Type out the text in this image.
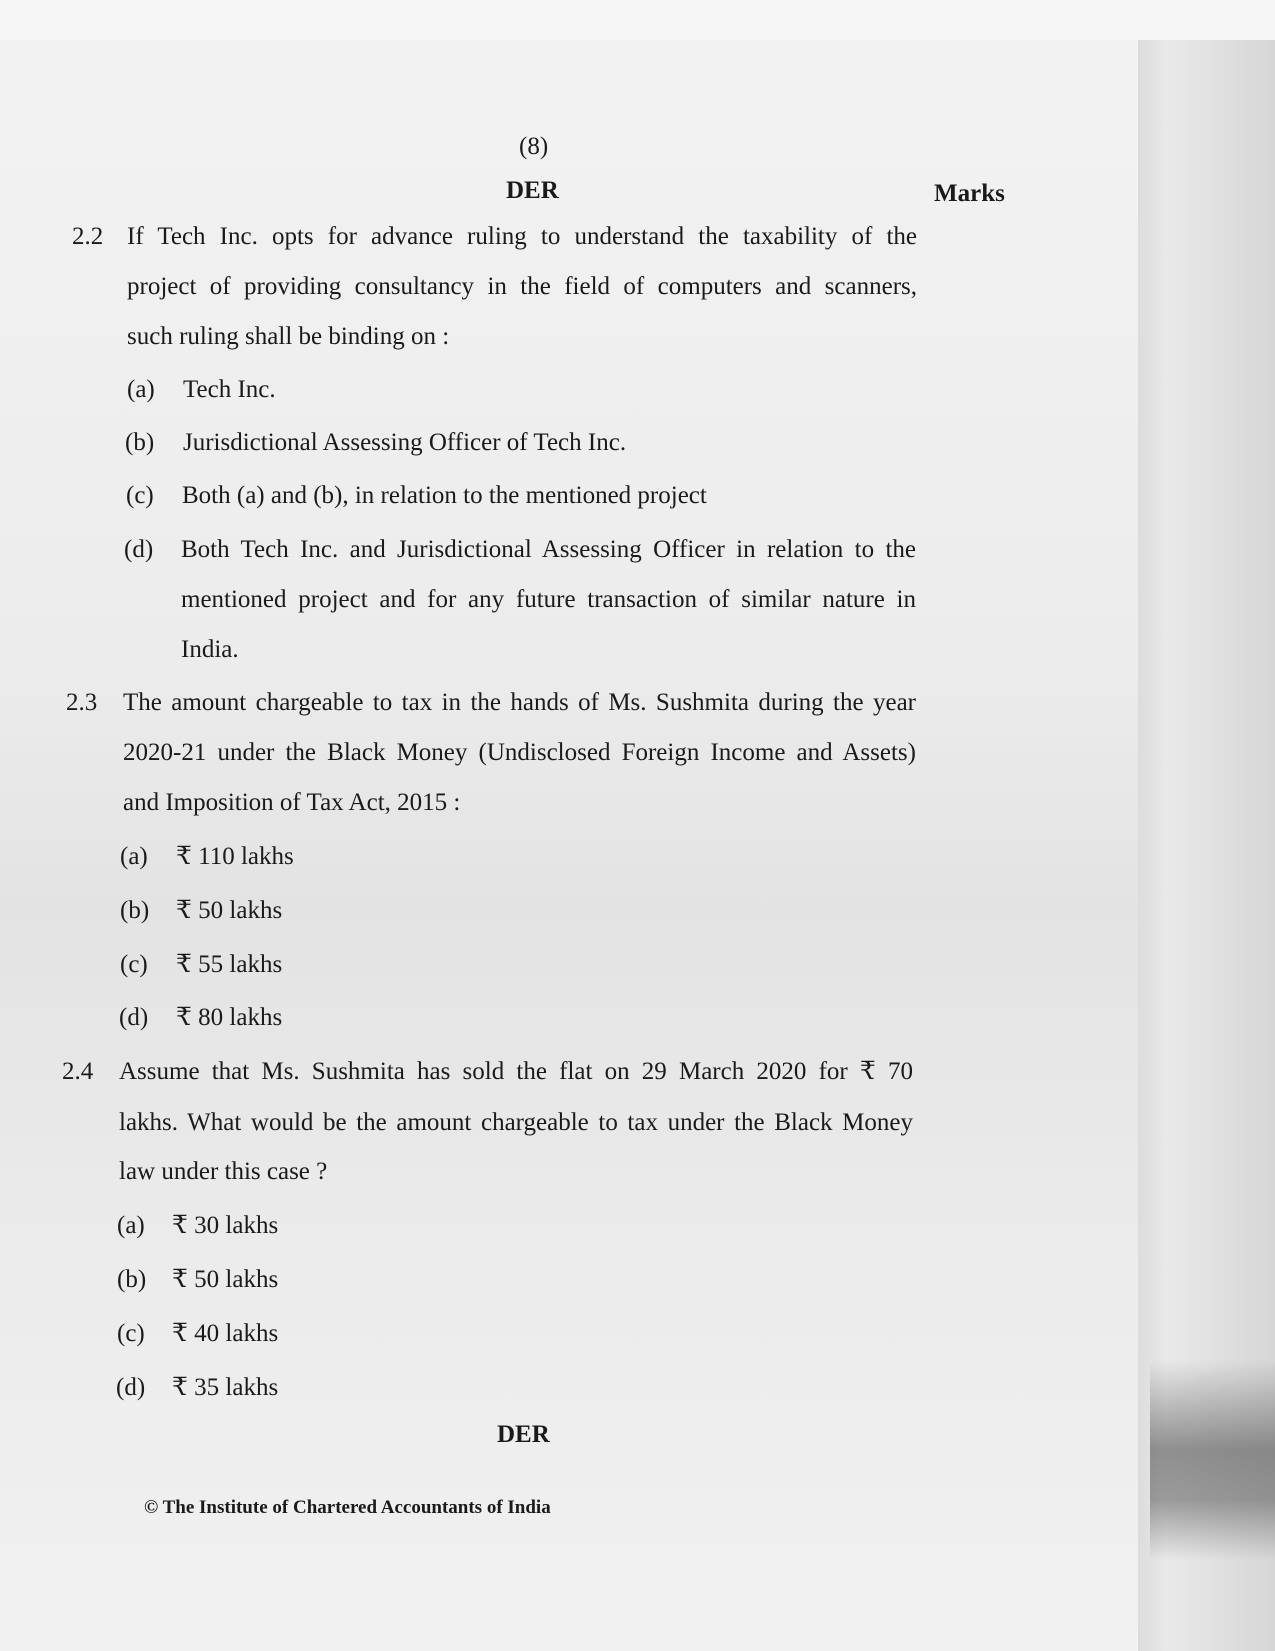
(8)
DER	Marks
2.2 If Tech Inc. opts for advance ruling to understand the taxability of the
project of providing consultancy in the field of computers and scanners,
such ruling shall be binding on :
(a) Tech Inc.
(b) Jurisdictional Assessing Officer of Tech Inc.
(c) Both (a) and (b), in relation to the mentioned project
(d) Both Tech Inc. and Jurisdictional Assessing Officer in relation to the
mentioned project and for any future transaction of similar nature in
India.
2.3 The amount chargeable to tax in the hands of Ms. Sushmita during the year
2020-21 under the Black Money (Undisclosed Foreign Income and Assets)
and Imposition of Tax Act, 2015 :
(a) ₹ 110 lakhs
(b) ₹ 50 lakhs
(c) ₹ 55 lakhs
(d) ₹ 80 lakhs
2.4 Assume that Ms. Sushmita has sold the flat on 29 March 2020 for ₹ 70
lakhs. What would be the amount chargeable to tax under the Black Money
law under this case ?
(a) ₹ 30 lakhs
(b) ₹ 50 lakhs
(c) ₹ 40 lakhs
(d) ₹ 35 lakhs
DER
© The Institute of Chartered Accountants of India
